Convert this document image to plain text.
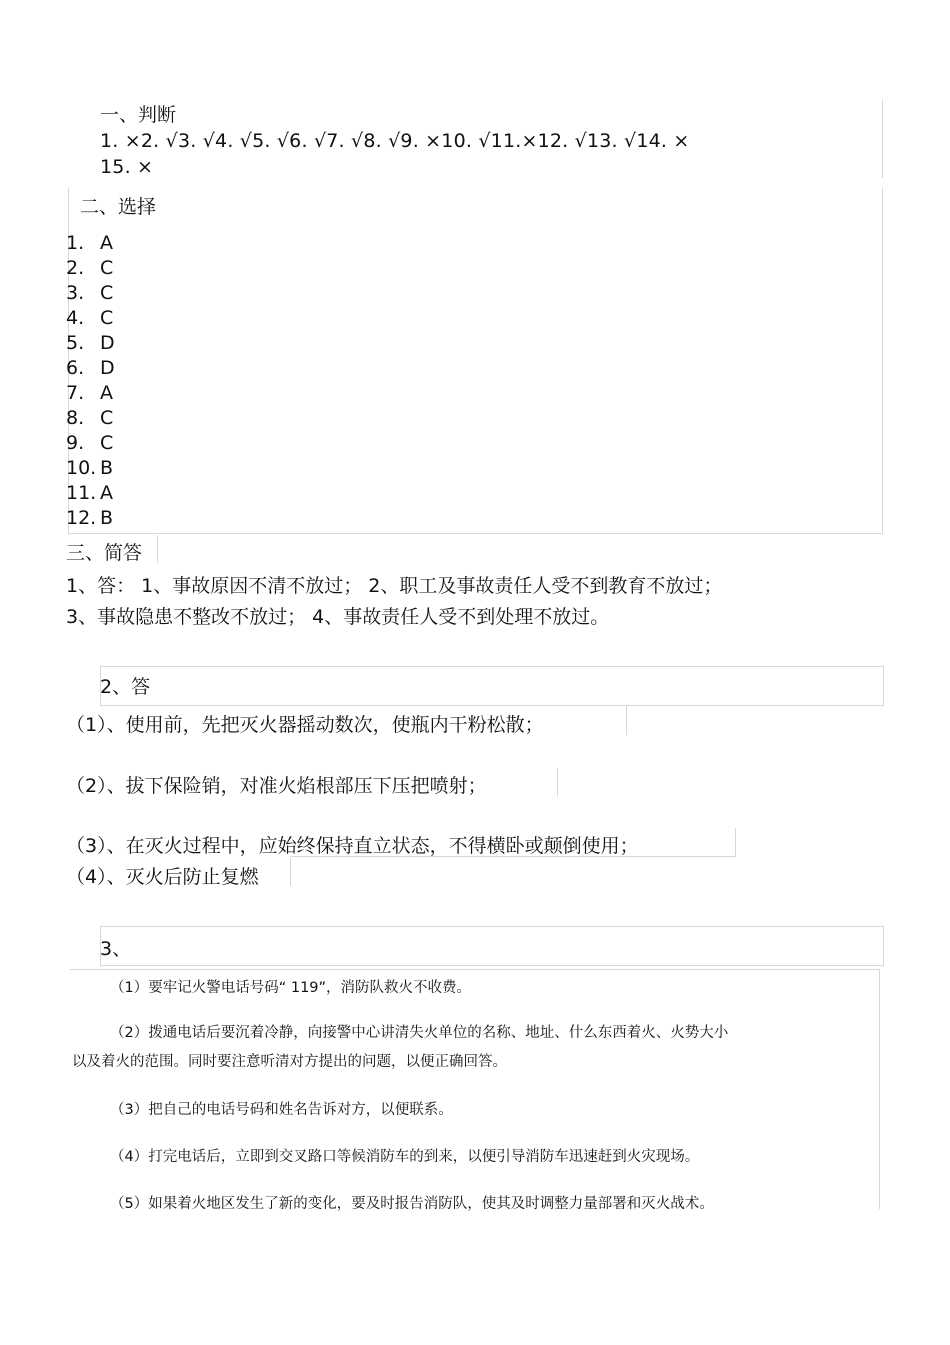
一、判断
1. ×2. √3. √4. √5. √6. √7. √8. √9. ×10. √11.×12. √13. √14. ×
15. ×
二、选择
1. A
2. C
3. C
4. C
5. D
6. D
7. A
8. C
9. C
10. B
11. A
12. B
三、简答
1、答： 1、事故原因不清不放过； 2、职工及事故责任人受不到教育不放过；
3、事故隐患不整改不放过； 4、事故责任人受不到处理不放过。
2、答
（1）、使用前，先把灭火器摇动数次，使瓶内干粉松散；
（2）、拔下保险销，对准火焰根部压下压把喷射；
（3）、在灭火过程中，应始终保持直立状态，不得横卧或颠倒使用；
（4）、灭火后防止复燃
3、
（1）要牢记火警电话号码“ 119”，消防队救火不收费。
（2）拨通电话后要沉着冷静，向接警中心讲清失火单位的名称、地址、什么东西着火、火势大小
以及着火的范围。同时要注意听清对方提出的问题，以便正确回答。
（3）把自己的电话号码和姓名告诉对方，以便联系。
（4）打完电话后，立即到交叉路口等候消防车的到来，以便引导消防车迅速赶到火灾现场。
（5）如果着火地区发生了新的变化，要及时报告消防队，使其及时调整力量部署和灭火战术。
